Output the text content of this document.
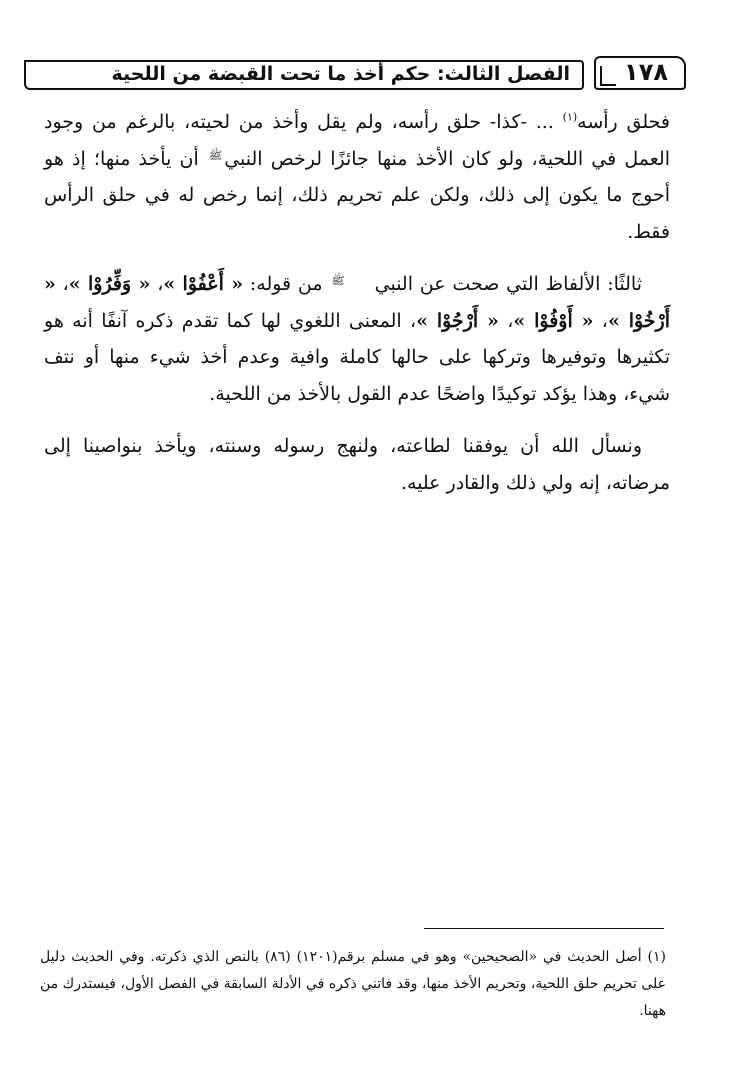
الفصل الثالث: حكم أخذ ما تحت القبضة من اللحية ١٧٨

فحلق رأسه$^{(١)}$ ... -كذا- حلق رأسه، ولم يقل وأخذ من لحيته، بالرغم من وجود العمل في اللحية، ولو كان الأخذ منها جائزًا لرخص النبيﷺ أن يأخذ منها؛ إذ هو أحوج ما يكون إلى ذلك، ولكن علم تحريم ذلك، إنما رخص له في حلق الرأس فقط.

ثالثًا: الألفاظ التي صحت عن النبيﷺ من قوله: « أَعْفُوْا »، « وَفِّرُوْا »، « أَرْخُوْا »، « أَوْفُوْا »، « أَرْجُوْا »، المعنى اللغوي لها كما تقدم ذكره آنفًا أنه هو تكثيرها وتوفيرها وتركها على حالها كاملة وافية وعدم أخذ شيء منها أو نتف شيء، وهذا يؤكد توكيدًا واضحًا عدم القول بالأخذ من اللحية.

ونسأل الله أن يوفقنا لطاعته، ولنهج رسوله وسنته، ويأخذ بنواصينا إلى مرضاته، إنه ولي ذلك والقادر عليه.

(١) أصل الحديث في «الصحيحين» وهو في مسلم برقم(١٢٠١) (٨٦) بالنص الذي ذكرته. وفي الحديث دليل على تحريم حلق اللحية، وتحريم الأخذ منها، وقد فاتني ذكره في الأدلة السابقة في الفصل الأول، فيستدرك من ههنا.
